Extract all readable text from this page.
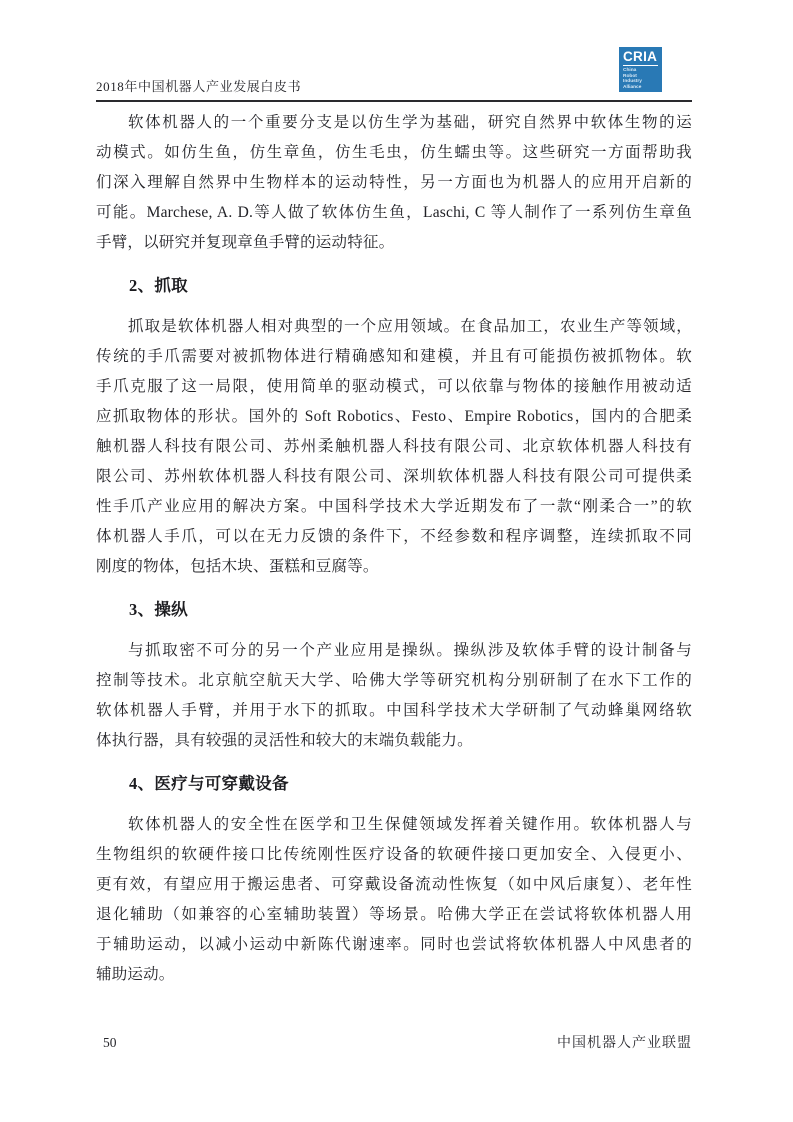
2018年中国机器人产业发展白皮书
CRIA
China
Robot
Industry
Alliance
软体机器人的一个重要分支是以仿生学为基础，研究自然界中软体生物的运
动模式。如仿生鱼，仿生章鱼，仿生毛虫，仿生蠕虫等。这些研究一方面帮助我
们深入理解自然界中生物样本的运动特性，另一方面也为机器人的应用开启新的
可能。Marchese, A. D.等人做了软体仿生鱼，Laschi, C 等人制作了一系列仿生章鱼
手臂，以研究并复现章鱼手臂的运动特征。
2、抓取
抓取是软体机器人相对典型的一个应用领域。在食品加工，农业生产等领域，
传统的手爪需要对被抓物体进行精确感知和建模，并且有可能损伤被抓物体。软
手爪克服了这一局限，使用简单的驱动模式，可以依靠与物体的接触作用被动适
应抓取物体的形状。国外的 Soft Robotics、Festo、Empire Robotics，国内的合肥柔
触机器人科技有限公司、苏州柔触机器人科技有限公司、北京软体机器人科技有
限公司、苏州软体机器人科技有限公司、深圳软体机器人科技有限公司可提供柔
性手爪产业应用的解决方案。中国科学技术大学近期发布了一款“刚柔合一”的软
体机器人手爪，可以在无力反馈的条件下，不经参数和程序调整，连续抓取不同
刚度的物体，包括木块、蛋糕和豆腐等。
3、操纵
与抓取密不可分的另一个产业应用是操纵。操纵涉及软体手臂的设计制备与
控制等技术。北京航空航天大学、哈佛大学等研究机构分别研制了在水下工作的
软体机器人手臂，并用于水下的抓取。中国科学技术大学研制了气动蜂巢网络软
体执行器，具有较强的灵活性和较大的末端负载能力。
4、医疗与可穿戴设备
软体机器人的安全性在医学和卫生保健领域发挥着关键作用。软体机器人与
生物组织的软硬件接口比传统刚性医疗设备的软硬件接口更加安全、入侵更小、
更有效，有望应用于搬运患者、可穿戴设备流动性恢复（如中风后康复）、老年性
退化辅助（如兼容的心室辅助装置）等场景。哈佛大学正在尝试将软体机器人用
于辅助运动，以减小运动中新陈代谢速率。同时也尝试将软体机器人中风患者的
辅助运动。
50	中国机器人产业联盟
